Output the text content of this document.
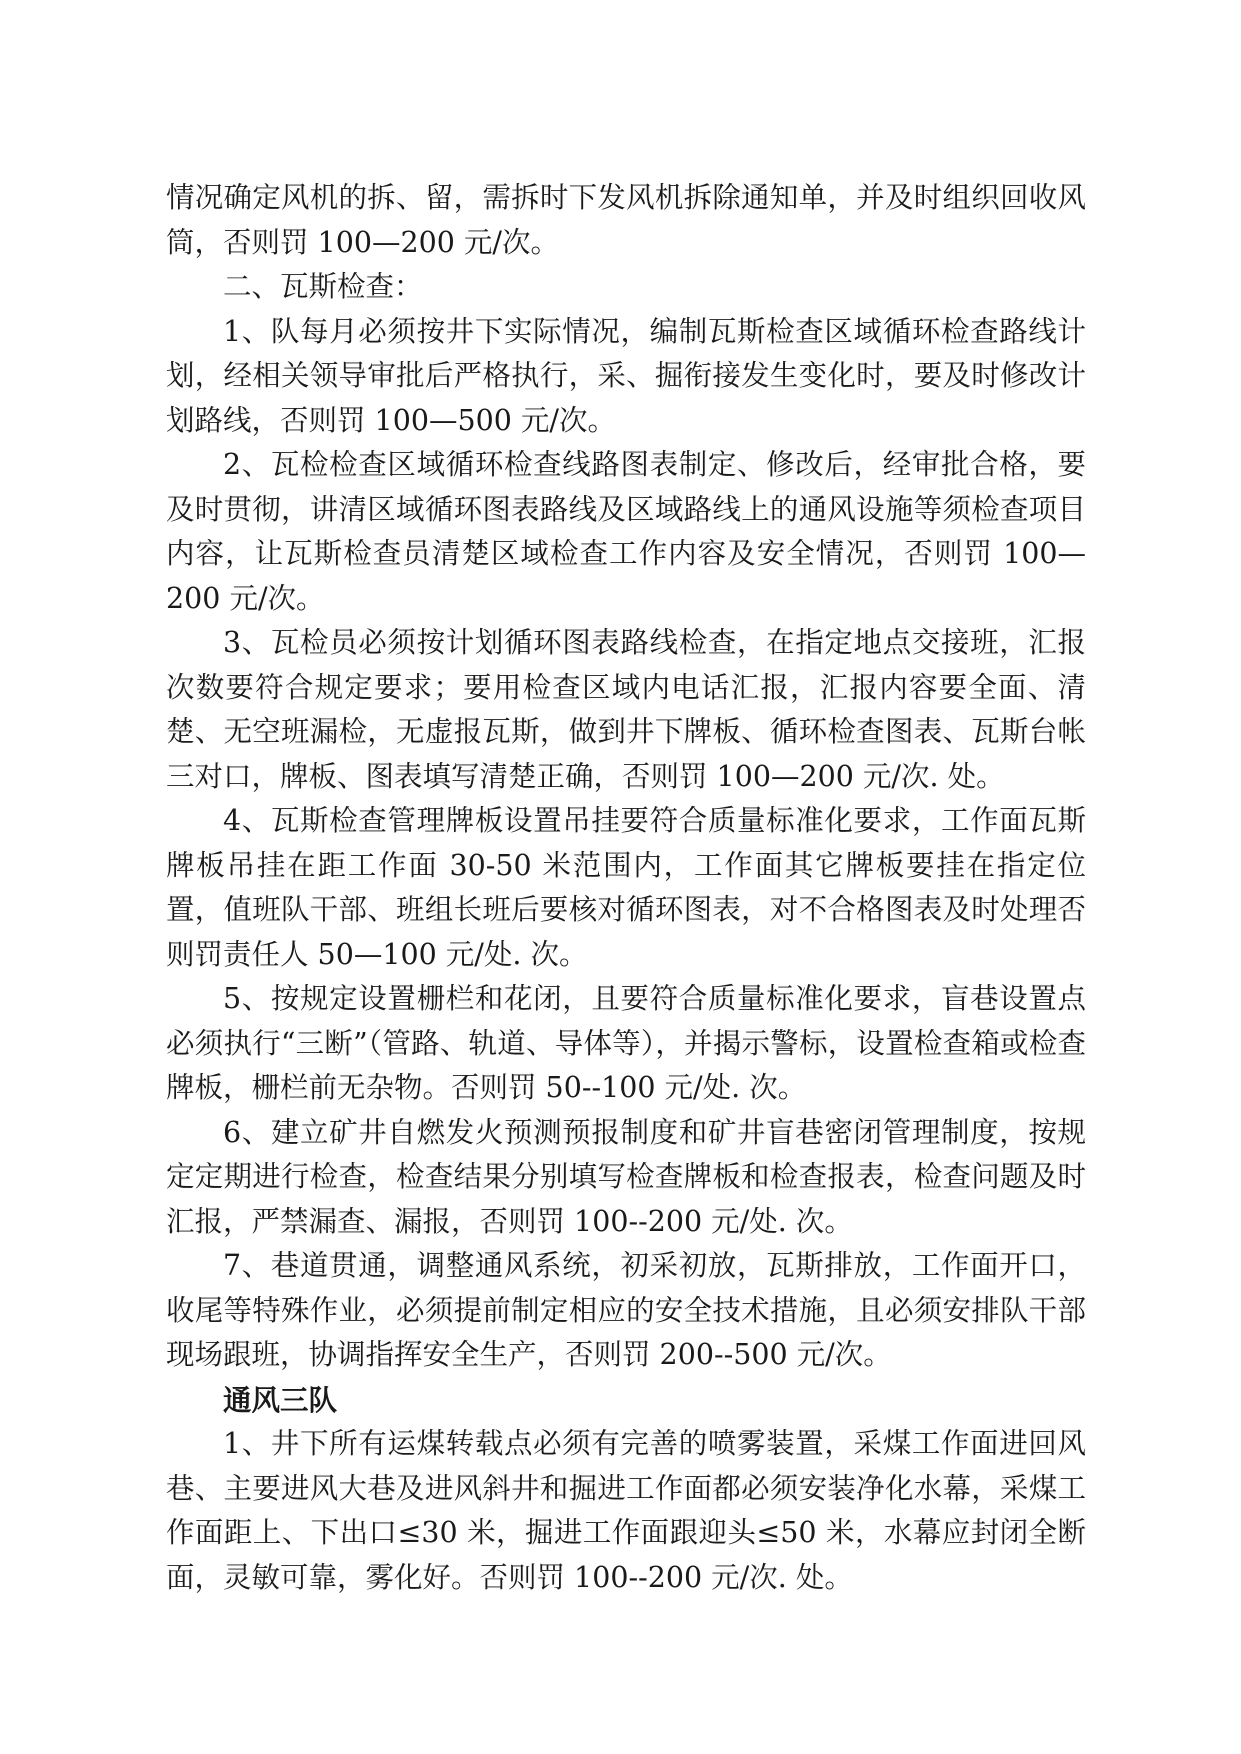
情况确定风机的拆、留，需拆时下发风机拆除通知单，并及时组织回收风筒，否则罚 100—200 元/次。

二、瓦斯检查：

1、队每月必须按井下实际情况，编制瓦斯检查区域循环检查路线计划，经相关领导审批后严格执行，采、掘衔接发生变化时，要及时修改计划路线，否则罚 100—500 元/次。

2、瓦检检查区域循环检查线路图表制定、修改后，经审批合格，要及时贯彻，讲清区域循环图表路线及区域路线上的通风设施等须检查项目内容，让瓦斯检查员清楚区域检查工作内容及安全情况，否则罚 100—200 元/次。

3、瓦检员必须按计划循环图表路线检查，在指定地点交接班，汇报次数要符合规定要求；要用检查区域内电话汇报，汇报内容要全面、清楚、无空班漏检，无虚报瓦斯，做到井下牌板、循环检查图表、瓦斯台帐三对口，牌板、图表填写清楚正确，否则罚 100—200 元/次. 处。

4、瓦斯检查管理牌板设置吊挂要符合质量标准化要求，工作面瓦斯牌板吊挂在距工作面 30-50 米范围内，工作面其它牌板要挂在指定位置，值班队干部、班组长班后要核对循环图表，对不合格图表及时处理否则罚责任人 50—100 元/处. 次。

5、按规定设置栅栏和花闭，且要符合质量标准化要求，盲巷设置点必须执行“三断”（管路、轨道、导体等），并揭示警标，设置检查箱或检查牌板，栅栏前无杂物。否则罚 50--100 元/处. 次。

6、建立矿井自燃发火预测预报制度和矿井盲巷密闭管理制度，按规定定期进行检查，检查结果分别填写检查牌板和检查报表，检查问题及时汇报，严禁漏查、漏报，否则罚 100--200 元/处. 次。

7、巷道贯通，调整通风系统，初采初放，瓦斯排放，工作面开口，收尾等特殊作业，必须提前制定相应的安全技术措施，且必须安排队干部现场跟班，协调指挥安全生产，否则罚 200--500 元/次。

通风三队

1、井下所有运煤转载点必须有完善的喷雾装置，采煤工作面进回风巷、主要进风大巷及进风斜井和掘进工作面都必须安装净化水幕，采煤工作面距上、下出口≤30 米，掘进工作面跟迎头≤50 米，水幕应封闭全断面，灵敏可靠，雾化好。否则罚 100--200 元/次. 处。
